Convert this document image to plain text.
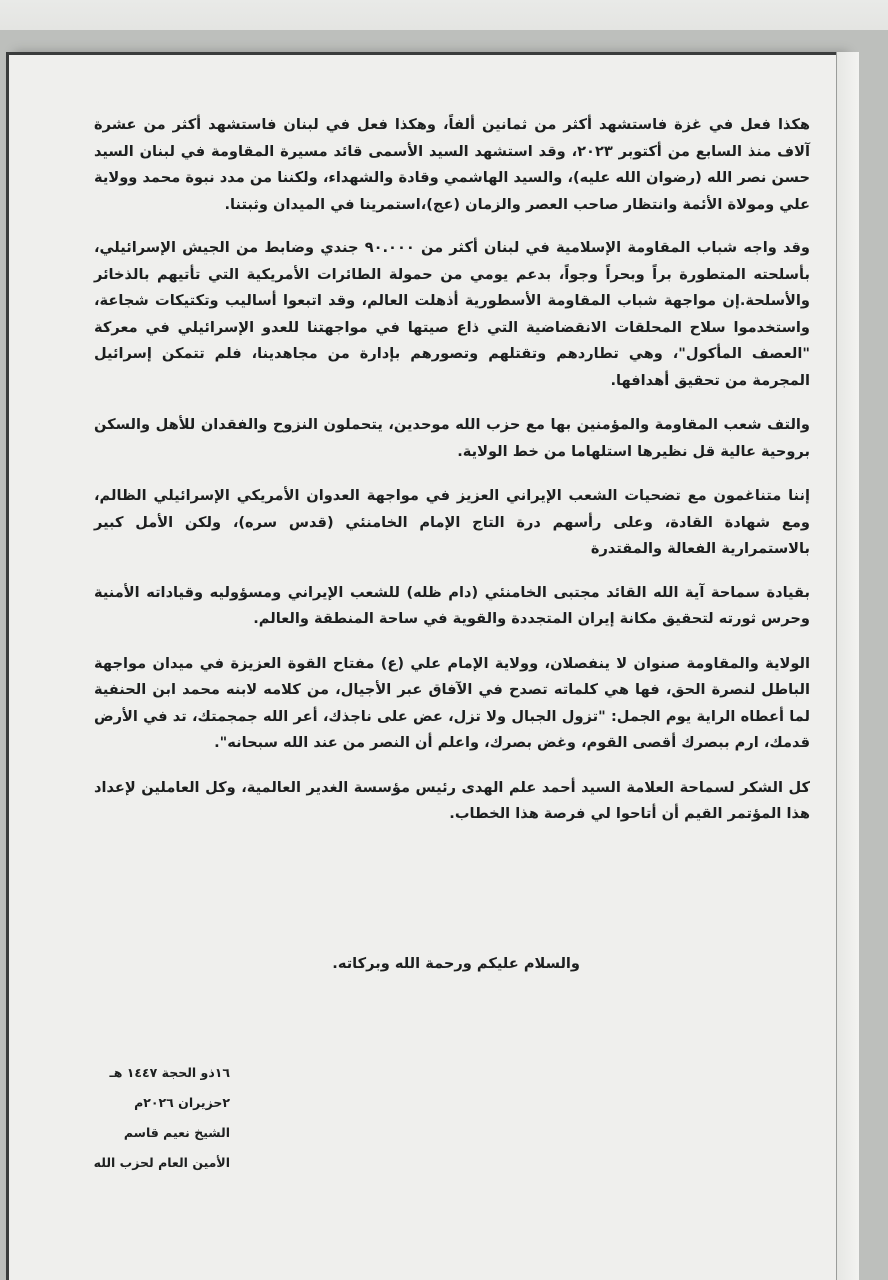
هكذا فعل في غزة فاستشهد أكثر من ثمانين ألفاً، وهكذا فعل في لبنان فاستشهد أكثر من عشرة آلاف منذ السابع من أكتوبر ٢٠٢٣، وقد استشهد السيد الأسمى قائد مسيرة المقاومة في لبنان السيد حسن نصر الله (رضوان الله عليه)، والسيد الهاشمي وقادة والشهداء، ولكننا من مدد نبوة محمد وولاية علي ومولاة الأئمة وانتظار صاحب العصر والزمان (عج)،استمرينا في الميدان وثبتنا.

وقد واجه شباب المقاومة الإسلامية في لبنان أكثر من ٩٠.٠٠٠ جندي وضابط من الجيش الإسرائيلي، بأسلحته المتطورة براً وبحراً وجواً، بدعم يومي من حمولة الطائرات الأمريكية التي تأتيهم بالذخائر والأسلحة.إن مواجهة شباب المقاومة الأسطورية أذهلت العالم، وقد اتبعوا أساليب وتكتيكات شجاعة، واستخدموا سلاح المحلقات الانقضاضية التي ذاع صيتها في مواجهتنا للعدو الإسرائيلي في معركة "العصف المأكول"، وهي تطاردهم وتقتلهم وتصورهم بإدارة من مجاهدينا، فلم تتمكن إسرائيل المجرمة من تحقيق أهدافها.

والتف شعب المقاومة والمؤمنين بها مع حزب الله موحدين، يتحملون النزوح والفقدان للأهل والسكن بروحية عالية قل نظيرها استلهاما من خط الولاية.

إننا متناغمون مع تضحيات الشعب الإيراني العزيز في مواجهة العدوان الأمريكي الإسرائيلي الظالم، ومع شهادة القادة، وعلى رأسهم درة التاج الإمام الخامنئي (قدس سره)، ولكن الأمل كبير بالاستمرارية الفعالة والمقتدرة

بقيادة سماحة آية الله القائد مجتبى الخامنئي (دام ظله) للشعب الإيراني ومسؤوليه وقياداته الأمنية وحرس ثورته لتحقيق مكانة إيران المتجددة والقوية في ساحة المنطقة والعالم.

الولاية والمقاومة صنوان لا ينفصلان، وولاية الإمام علي (ع) مفتاح القوة العزيزة في ميدان مواجهة الباطل لنصرة الحق، فها هي كلماته تصدح في الآفاق عبر الأجيال، من كلامه لابنه محمد ابن الحنفية لما أعطاه الراية يوم الجمل: "تزول الجبال ولا تزل، عض على ناجذك، أعر الله جمجمتك، تد في الأرض قدمك، ارم ببصرك أقصى القوم، وغض بصرك، واعلم أن النصر من عند الله سبحانه".

كل الشكر لسماحة العلامة السيد أحمد علم الهدى رئيس مؤسسة الغدير العالمية، وكل العاملين لإعداد هذا المؤتمر القيم أن أتاحوا لي فرصة هذا الخطاب.

والسلام عليكم ورحمة الله وبركاته.
١٦ذو الحجة ١٤٤٧ هـ
٢حزيران ٢٠٢٦م
الشيخ نعيم قاسم
الأمين العام لحزب الله
